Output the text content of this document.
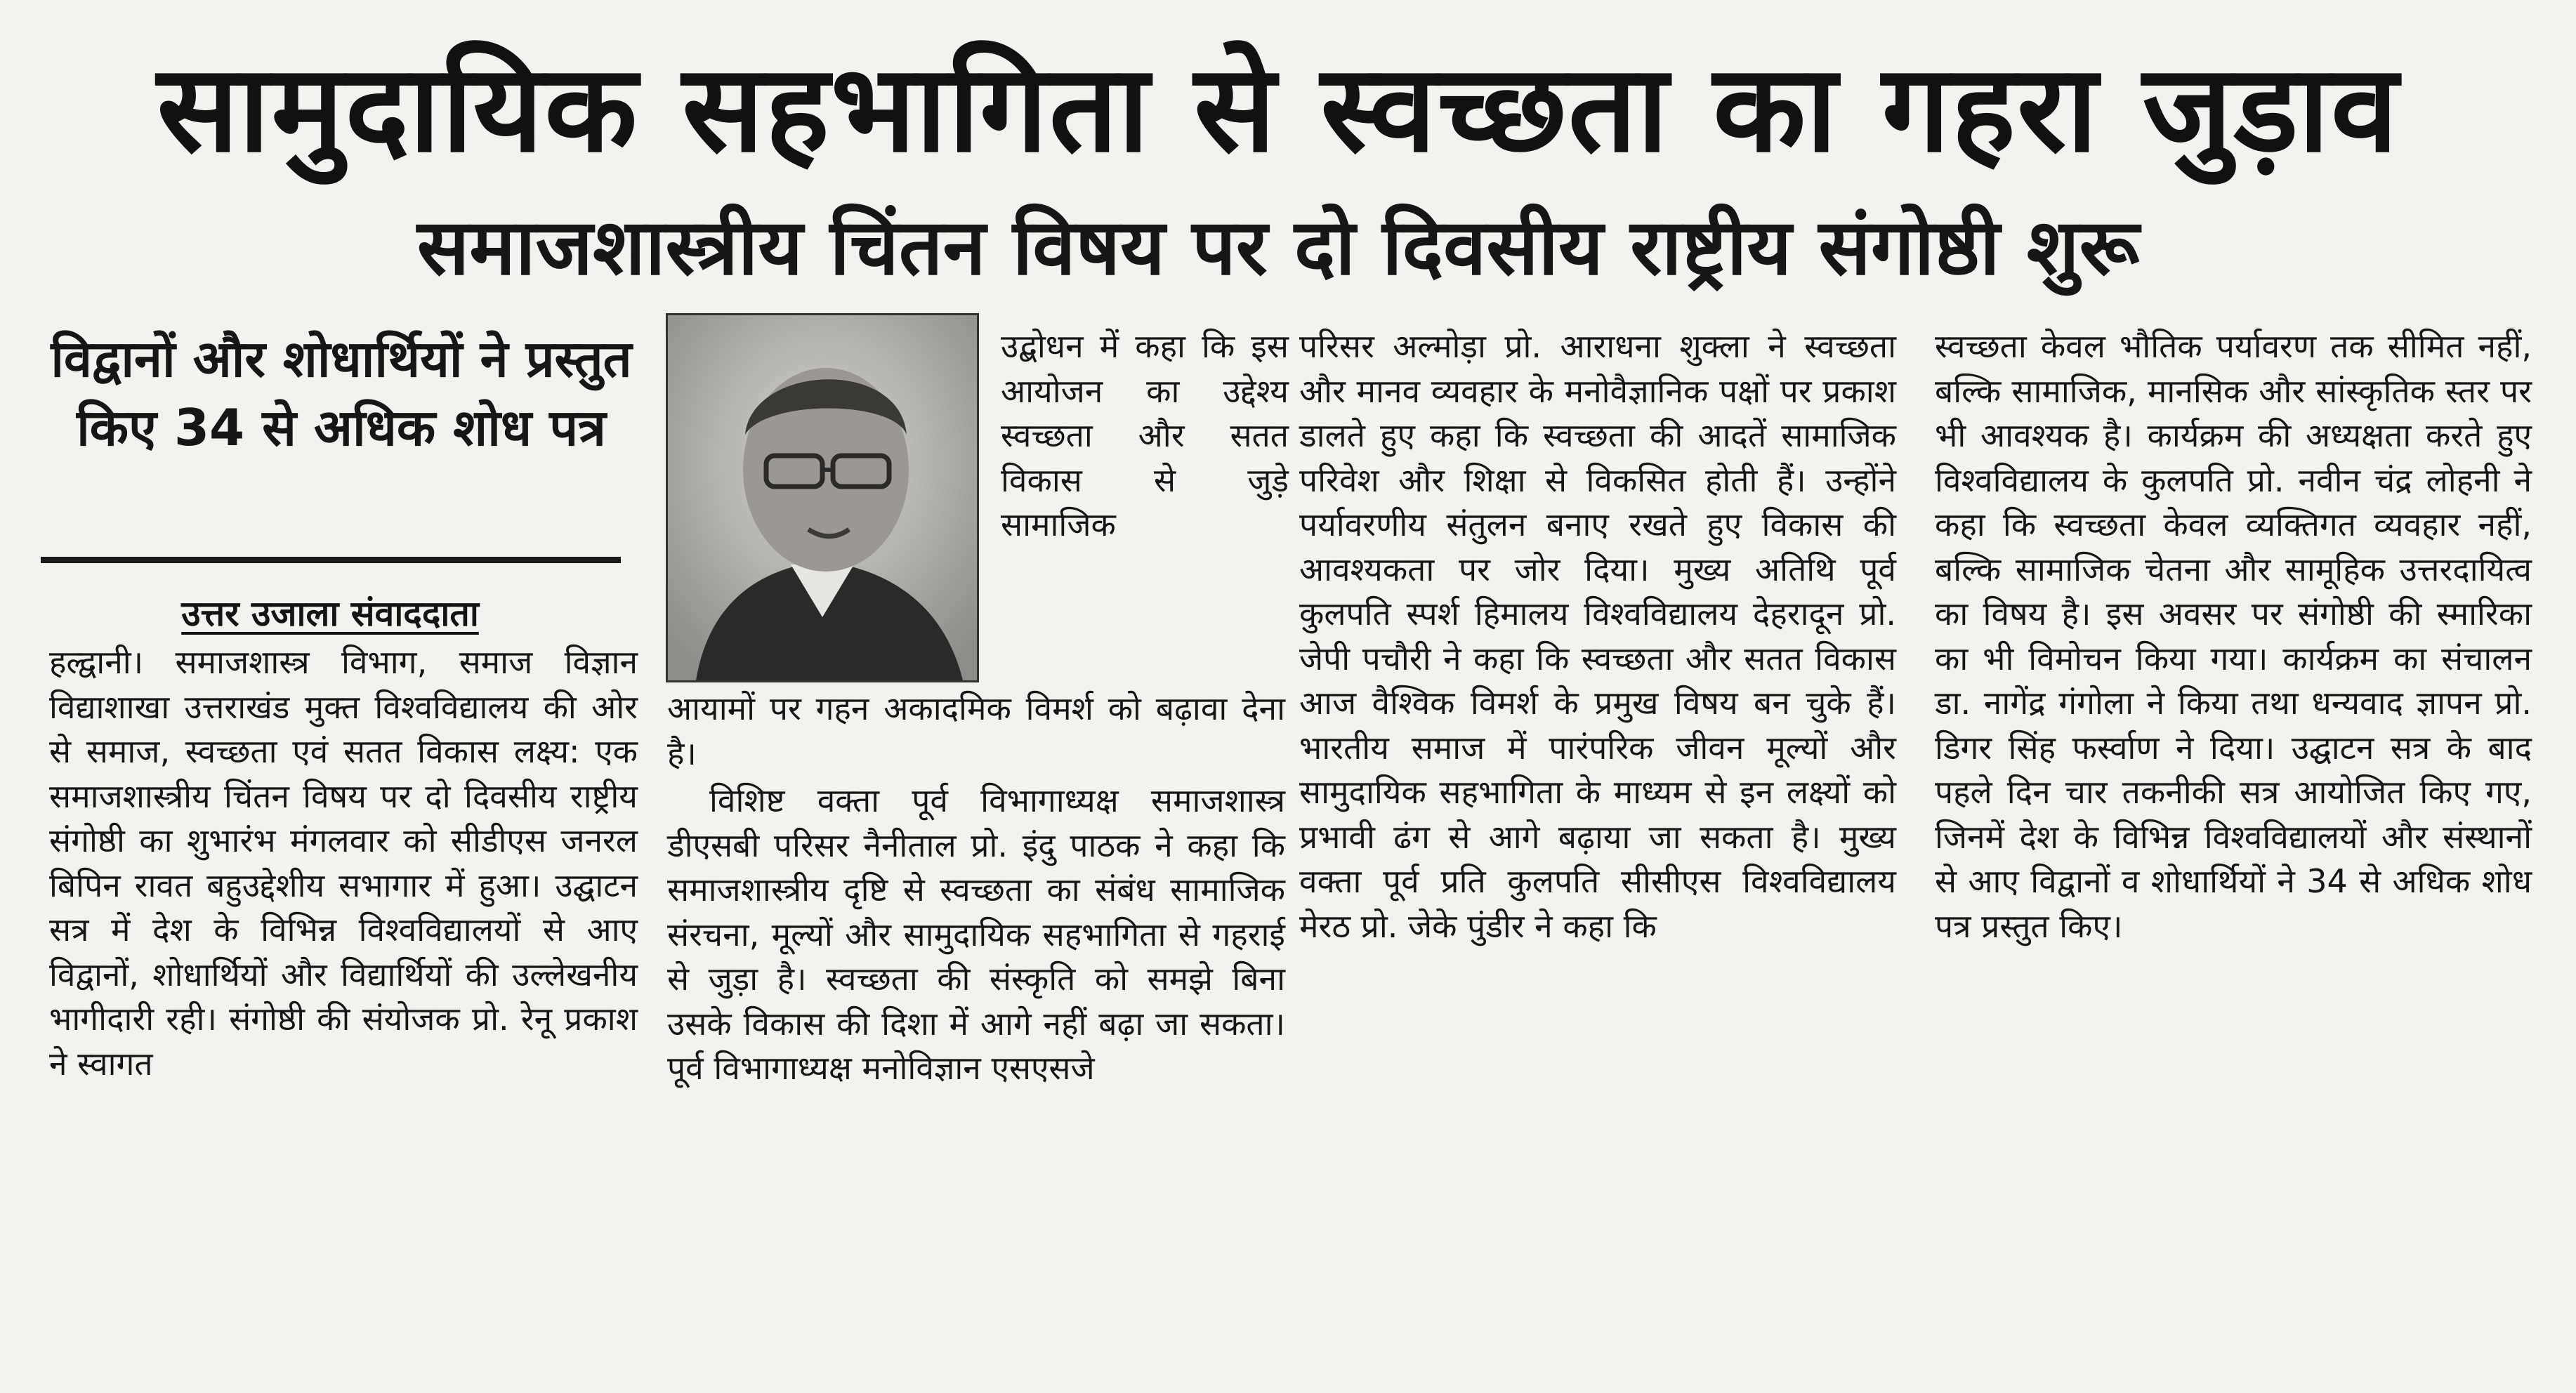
सामुदायिक सहभागिता से स्वच्छता का गहरा जुड़ाव
समाजशास्त्रीय चिंतन विषय पर दो दिवसीय राष्ट्रीय संगोष्ठी शुरू
विद्वानों और शोधार्थियों ने प्रस्तुत किए 34 से अधिक शोध पत्र
उत्तर उजाला संवाददाता

हल्द्वानी। समाजशास्त्र विभाग, समाज विज्ञान विद्याशाखा उत्तराखंड मुक्त विश्वविद्यालय की ओर से समाज, स्वच्छता एवं सतत विकास लक्ष्य: एक समाजशास्त्रीय चिंतन विषय पर दो दिवसीय राष्ट्रीय संगोष्ठी का शुभारंभ मंगलवार को सीडीएस जनरल बिपिन रावत बहुउद्देशीय सभागार में हुआ। उद्घाटन सत्र में देश के विभिन्न विश्वविद्यालयों से आए विद्वानों, शोधार्थियों और विद्यार्थियों की उल्लेखनीय भागीदारी रही। संगोष्ठी की संयोजक प्रो. रेनू प्रकाश ने स्वागत

उद्बोधन में कहा कि इस आयोजन का उद्देश्य स्वच्छता और सतत विकास से जुड़े सामाजिक

आयामों पर गहन अकादमिक विमर्श को बढ़ावा देना है।
विशिष्ट वक्ता पूर्व विभागाध्यक्ष समाजशास्त्र डीएसबी परिसर नैनीताल प्रो. इंदु पाठक ने कहा कि समाजशास्त्रीय दृष्टि से स्वच्छता का संबंध सामाजिक संरचना, मूल्यों और सामुदायिक सहभागिता से गहराई से जुड़ा है। स्वच्छता की संस्कृति को समझे बिना उसके विकास की दिशा में आगे नहीं बढ़ा जा सकता। पूर्व विभागाध्यक्ष मनोविज्ञान एसएसजे

परिसर अल्मोड़ा प्रो. आराधना शुक्ला ने स्वच्छता और मानव व्यवहार के मनोवैज्ञानिक पक्षों पर प्रकाश डालते हुए कहा कि स्वच्छता की आदतें सामाजिक परिवेश और शिक्षा से विकसित होती हैं। उन्होंने पर्यावरणीय संतुलन बनाए रखते हुए विकास की आवश्यकता पर जोर दिया। मुख्य अतिथि पूर्व कुलपति स्पर्श हिमालय विश्वविद्यालय देहरादून प्रो. जेपी पचौरी ने कहा कि स्वच्छता और सतत विकास आज वैश्विक विमर्श के प्रमुख विषय बन चुके हैं। भारतीय समाज में पारंपरिक जीवन मूल्यों और सामुदायिक सहभागिता के माध्यम से इन लक्ष्यों को प्रभावी ढंग से आगे बढ़ाया जा सकता है। मुख्य वक्ता पूर्व प्रति कुलपति सीसीएस विश्वविद्यालय मेरठ प्रो. जेके पुंडीर ने कहा कि

स्वच्छता केवल भौतिक पर्यावरण तक सीमित नहीं, बल्कि सामाजिक, मानसिक और सांस्कृतिक स्तर पर भी आवश्यक है। कार्यक्रम की अध्यक्षता करते हुए विश्वविद्यालय के कुलपति प्रो. नवीन चंद्र लोहनी ने कहा कि स्वच्छता केवल व्यक्तिगत व्यवहार नहीं, बल्कि सामाजिक चेतना और सामूहिक उत्तरदायित्व का विषय है। इस अवसर पर संगोष्ठी की स्मारिका का भी विमोचन किया गया। कार्यक्रम का संचालन डा. नागेंद्र गंगोला ने किया तथा धन्यवाद ज्ञापन प्रो. डिगर सिंह फर्स्वाण ने दिया। उद्घाटन सत्र के बाद पहले दिन चार तकनीकी सत्र आयोजित किए गए, जिनमें देश के विभिन्न विश्वविद्यालयों और संस्थानों से आए विद्वानों व शोधार्थियों ने 34 से अधिक शोध पत्र प्रस्तुत किए।
